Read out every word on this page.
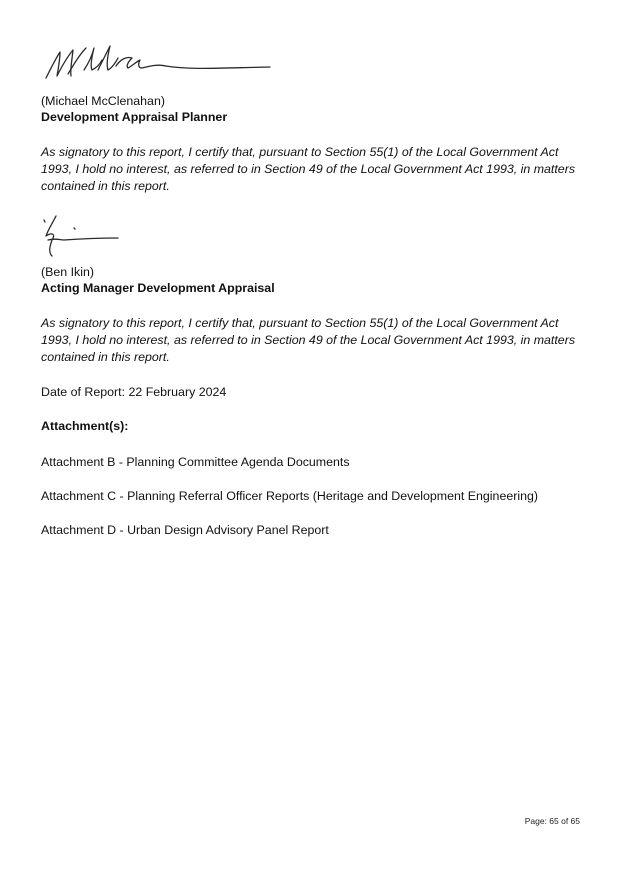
(Michael McClenahan)

Development Appraisal Planner

As signatory to this report, I certify that, pursuant to Section 55(1) of the Local Government Act 1993, I hold no interest, as referred to in Section 49 of the Local Government Act 1993, in matters contained in this report.

(Ben Ikin)

Acting Manager Development Appraisal

As signatory to this report, I certify that, pursuant to Section 55(1) of the Local Government Act 1993, I hold no interest, as referred to in Section 49 of the Local Government Act 1993, in matters contained in this report.

Date of Report: 22 February 2024

Attachment(s):

Attachment B - Planning Committee Agenda Documents

Attachment C - Planning Referral Officer Reports (Heritage and Development Engineering)

Attachment D - Urban Design Advisory Panel Report

Page: 65 of 65
